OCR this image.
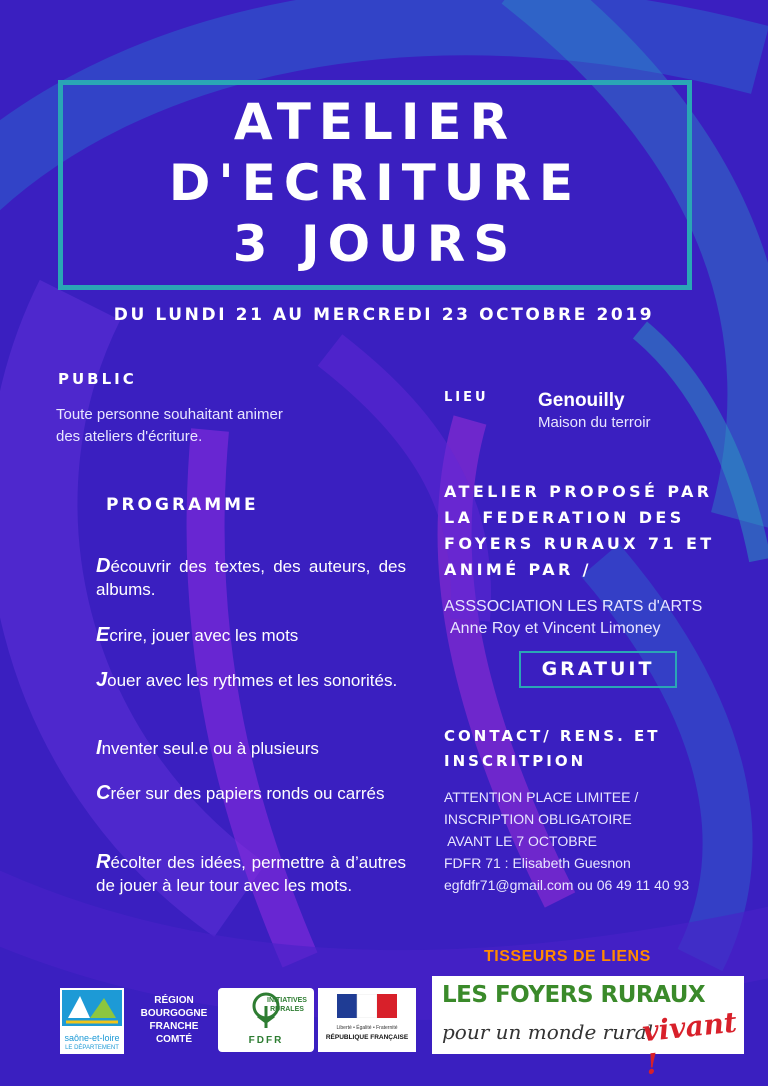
ATELIER
D'ECRITURE
3 JOURS
DU LUNDI 21 AU MERCREDI 23 OCTOBRE 2019
PUBLIC
Toute personne souhaitant animer
des ateliers d'écriture.
PROGRAMME
Découvrir des textes, des auteurs, des albums.
Ecrire, jouer avec les mots
Jouer avec les rythmes et les sonorités.
Inventer seul.e ou à plusieurs
Créer sur des papiers ronds ou carrés
Récolter des idées, permettre à d’autres de jouer à leur tour avec les mots.
LIEU	Genouilly
Maison du terroir
ATELIER PROPOSÉ PAR
LA FEDERATION DES
FOYERS RURAUX 71 ET
ANIMÉ PAR /
ASSSOCIATION LES RATS d'ARTS
Anne Roy et Vincent Limoney
GRATUIT
CONTACT/ RENS. ET
INSCRITPION
ATTENTION PLACE LIMITEE /
INSCRIPTION OBLIGATOIRE
AVANT LE 7 OCTOBRE
FDFR 71 : Elisabeth Guesnon
egfdfr71@gmail.com ou 06 49 11 40 93
TISSEURS DE LIENS
saône-et-loire
LE DÉPARTEMENT
RÉGION
BOURGOGNE
FRANCHE
COMTÉ
INITIATIVES RURALES
FDFR
Liberté • Égalité • Fraternité
RÉPUBLIQUE FRANÇAISE
LES FOYERS RURAUX
pour un monde rural
vivant !
